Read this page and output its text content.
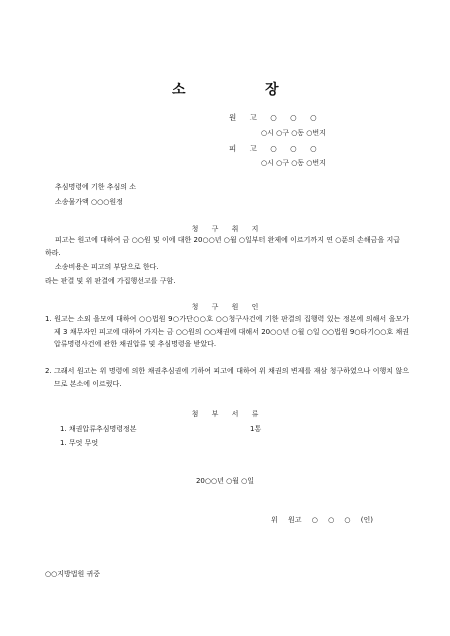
소	장
원 고 ○ ○ ○
○시 ○구 ○동 ○번지
피 고 ○ ○ ○
○시 ○구 ○동 ○번지
추심명령에 기한 추심의 소
소송물가액 ○○○원정
청 구 취 지
피고는 원고에 대하여 금 ○○원 및 이에 대한 20○○년 ○월 ○일부터 완제에 이르기까지 연 ○푼의 손해금을 지급하라.
소송비용은 피고의 부담으로 한다.
라는 판결 및 위 판결에 가집행선고를 구함.
청 구 원 인
1. 원고는 소외 을모에 대하여 ○○법원 9○가단○○호 ○○청구사건에 기한 판결의 집행력 있는 정본에 의해서 을모가 제 3 채무자인 피고에 대하여 가지는 금 ○○원의 ○○채권에 대해서 20○○년 ○월 ○일 ○○법원 9○타기○○호 채권압류명령사건에 관한 채권압류 및 추심명령을 받았다.
2. 그래서 원고는 위 명령에 의한 채권추심권에 기하여 피고에 대하여 위 채권의 변제를 재삼 청구하였으나 이행치 않으므로 본소에 이르렀다.
첨 부 서 류
1. 채권압류추심명령정본	1통
1. 무엇 무엇
20○○년 ○월 ○일
위 원고 ○ ○ ○ (인)
○○지방법원 귀중
